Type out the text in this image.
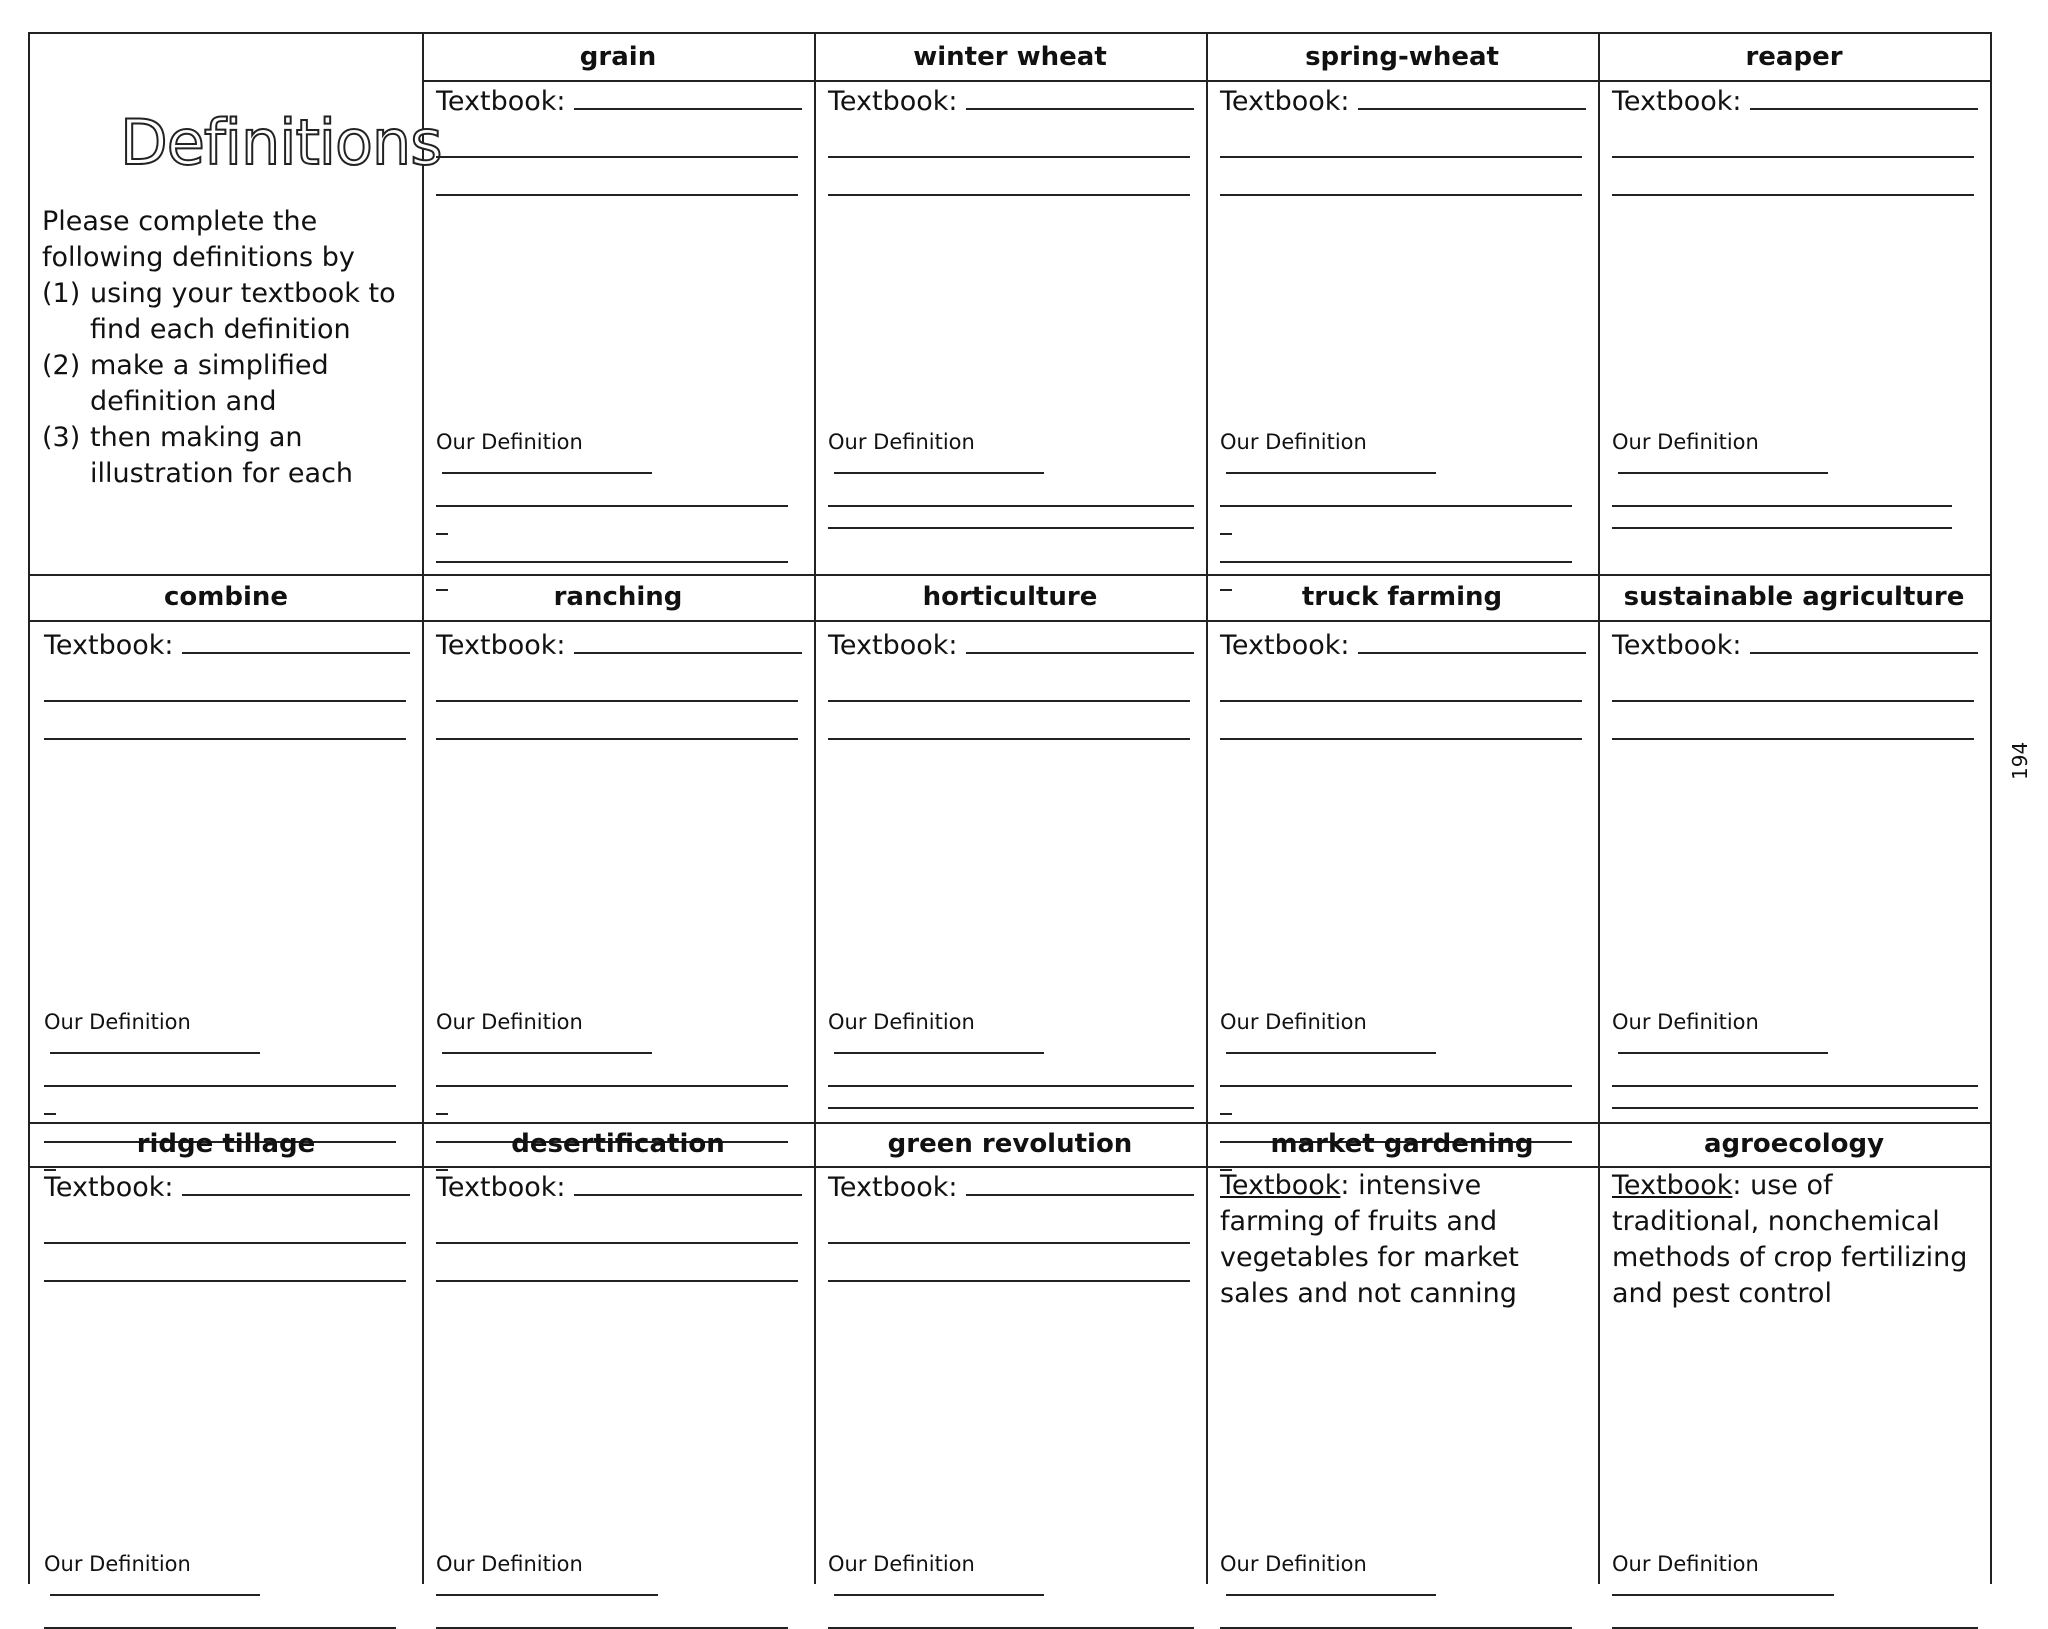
Definitions
Please complete the following definitions by
(1) using your textbook to find each definition
(2) make a simplified definition and
(3) then making an illustration for each
grain
Textbook:
Our Definition
winter wheat
Textbook:
Our Definition
spring-wheat
Textbook:
Our Definition
reaper
Textbook:
Our Definition
combine
Textbook:
Our Definition
ranching
Textbook:
Our Definition
horticulture
Textbook:
Our Definition
truck farming
Textbook:
Our Definition
sustainable agriculture
Textbook:
Our Definition
ridge tillage
Textbook:
Our Definition
desertification
Textbook:
Our Definition
green revolution
Textbook:
Our Definition
market gardening
Textbook: intensive farming of fruits and vegetables for market sales and not canning
Our Definition
agroecology
Textbook: use of traditional, nonchemical methods of crop fertilizing and pest control
Our Definition
194
